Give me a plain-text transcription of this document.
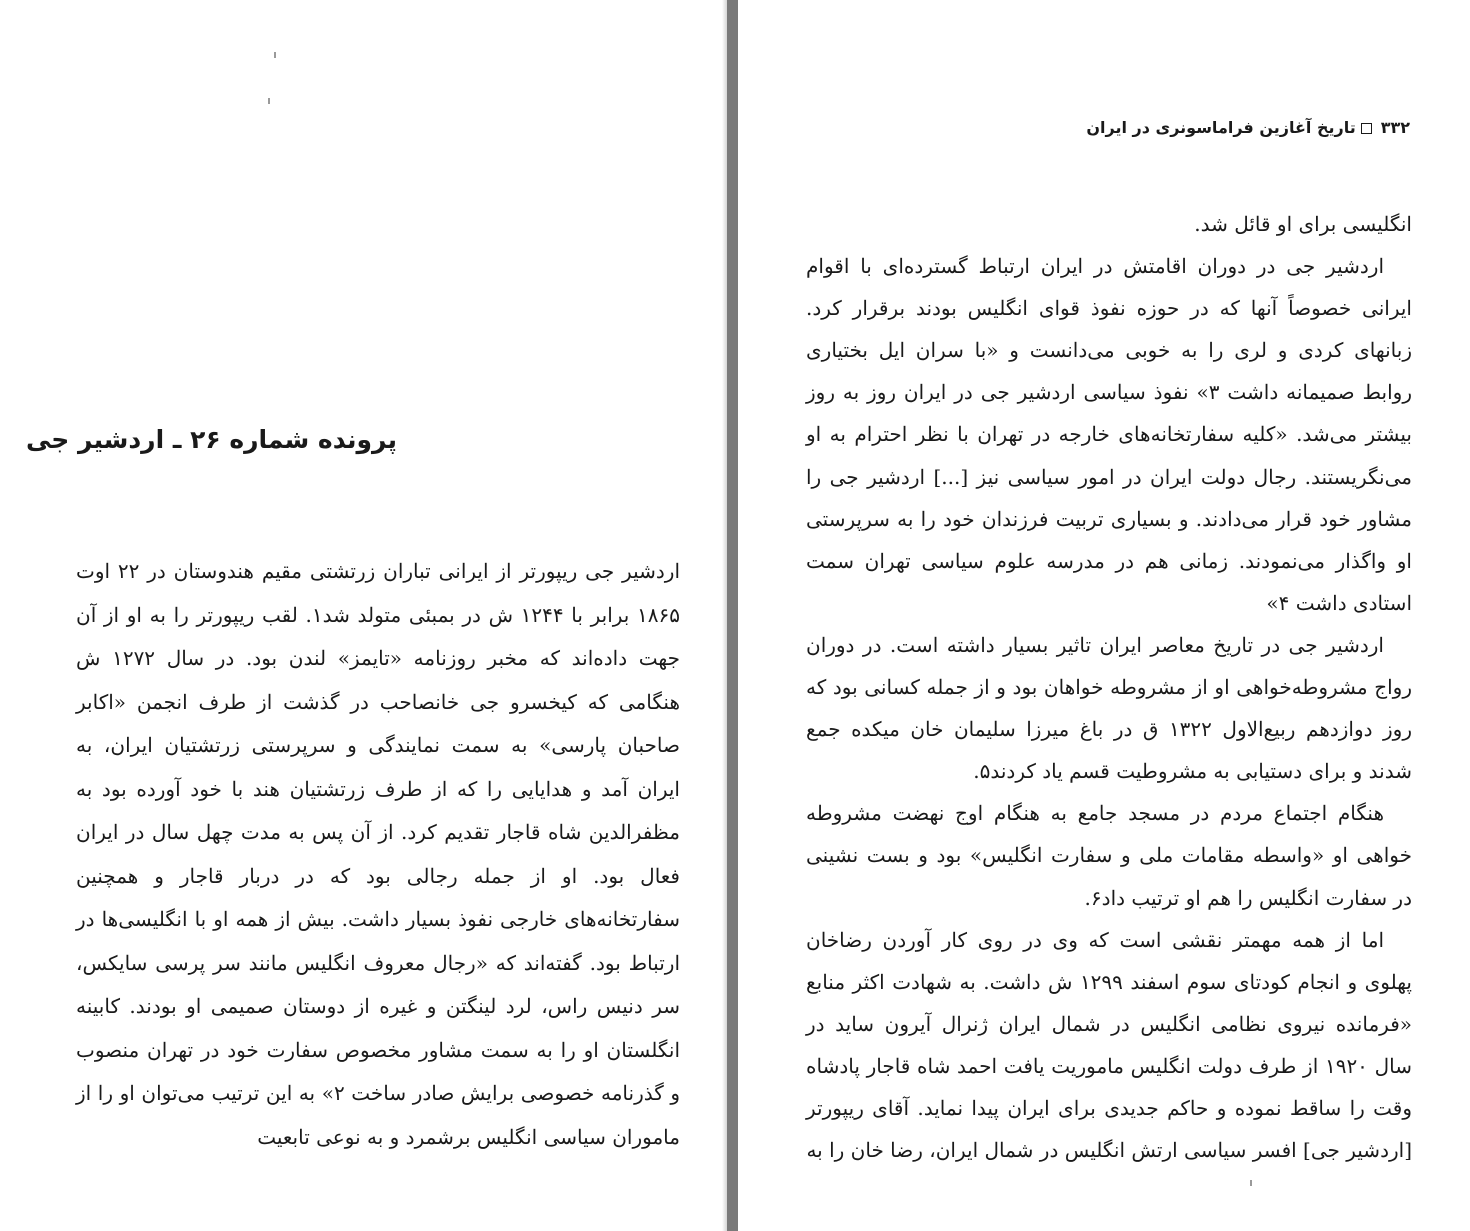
پرونده شماره ۲۶ ـ اردشیر جی

اردشیر جی ریپورتر از ایرانی تباران زرتشتی مقیم هندوستان در ۲۲ اوت ۱۸۶۵ برابر با ۱۲۴۴ ش در بمبئی متولد شد۱. لقب ریپورتر را به او از آن جهت داده‌اند که مخبر روزنامه «تایمز» لندن بود. در سال ۱۲۷۲ ش هنگامی که کیخسرو جی خانصاحب در گذشت از طرف انجمن «اکابر صاحبان پارسی» به سمت نمایندگی و سرپرستی زرتشتیان ایران، به ایران آمد و هدایایی را که از طرف زرتشتیان هند با خود آورده بود به مظفرالدین شاه قاجار تقدیم کرد. از آن پس به مدت چهل سال در ایران فعال بود. او از جمله رجالی بود که در دربار قاجار و همچنین سفارتخانه‌های خارجی نفوذ بسیار داشت. بیش از همه او با انگلیسی‌ها در ارتباط بود. گفته‌اند که «رجال معروف انگلیس مانند سر پرسی سایکس، سر دنیس راس، لرد لینگتن و غیره از دوستان صمیمی او بودند. کابینه انگلستان او را به سمت مشاور مخصوص سفارت خود در تهران منصوب و گذرنامه خصوصی برایش صادر ساخت ۲» به این ترتیب می‌توان او را از ماموران سیاسی انگلیس برشمرد و به نوعی تابعیت

۳۳۲تاریخ آغازین فراماسونری در ایران

انگلیسی برای او قائل شد.

اردشیر جی در دوران اقامتش در ایران ارتباط گسترده‌ای با اقوام ایرانی خصوصاً آنها که در حوزه نفوذ قوای انگلیس بودند برقرار کرد. زبانهای کردی و لری را به خوبی می‌دانست و «با سران ایل بختیاری روابط صمیمانه داشت ۳» نفوذ سیاسی اردشیر جی در ایران روز به روز بیشتر می‌شد. «کلیه سفارتخانه‌های خارجه در تهران با نظر احترام به او می‌نگریستند. رجال دولت ایران در امور سیاسی نیز [...] اردشیر جی را مشاور خود قرار می‌دادند. و بسیاری تربیت فرزندان خود را به سرپرستی او واگذار می‌نمودند. زمانی هم در مدرسه علوم سیاسی تهران سمت استادی داشت ۴»

اردشیر جی در تاریخ معاصر ایران تاثیر بسیار داشته است. در دوران رواج مشروطه‌خواهی او از مشروطه خواهان بود و از جمله کسانی بود که روز دوازدهم ربیع‌الاول ۱۳۲۲ ق در باغ میرزا سلیمان خان میکده جمع شدند و برای دستیابی به مشروطیت قسم یاد کردند۵.

هنگام اجتماع مردم در مسجد جامع به هنگام اوج نهضت مشروطه خواهی او «واسطه مقامات ملی و سفارت انگلیس» بود و بست نشینی در سفارت انگلیس را هم او ترتیب داد۶.

اما از همه مهمتر نقشی است که وی در روی کار آوردن رضاخان پهلوی و انجام کودتای سوم اسفند ۱۲۹۹ ش داشت. به شهادت اکثر منابع «فرمانده نیروی نظامی انگلیس در شمال ایران ژنرال آیرون ساید در سال ۱۹۲۰ از طرف دولت انگلیس ماموریت یافت احمد شاه قاجار پادشاه وقت را ساقط نموده و حاکم جدیدی برای ایران پیدا نماید. آقای ریپورتر [اردشیر جی] افسر سیاسی ارتش انگلیس در شمال ایران، رضا خان را به
